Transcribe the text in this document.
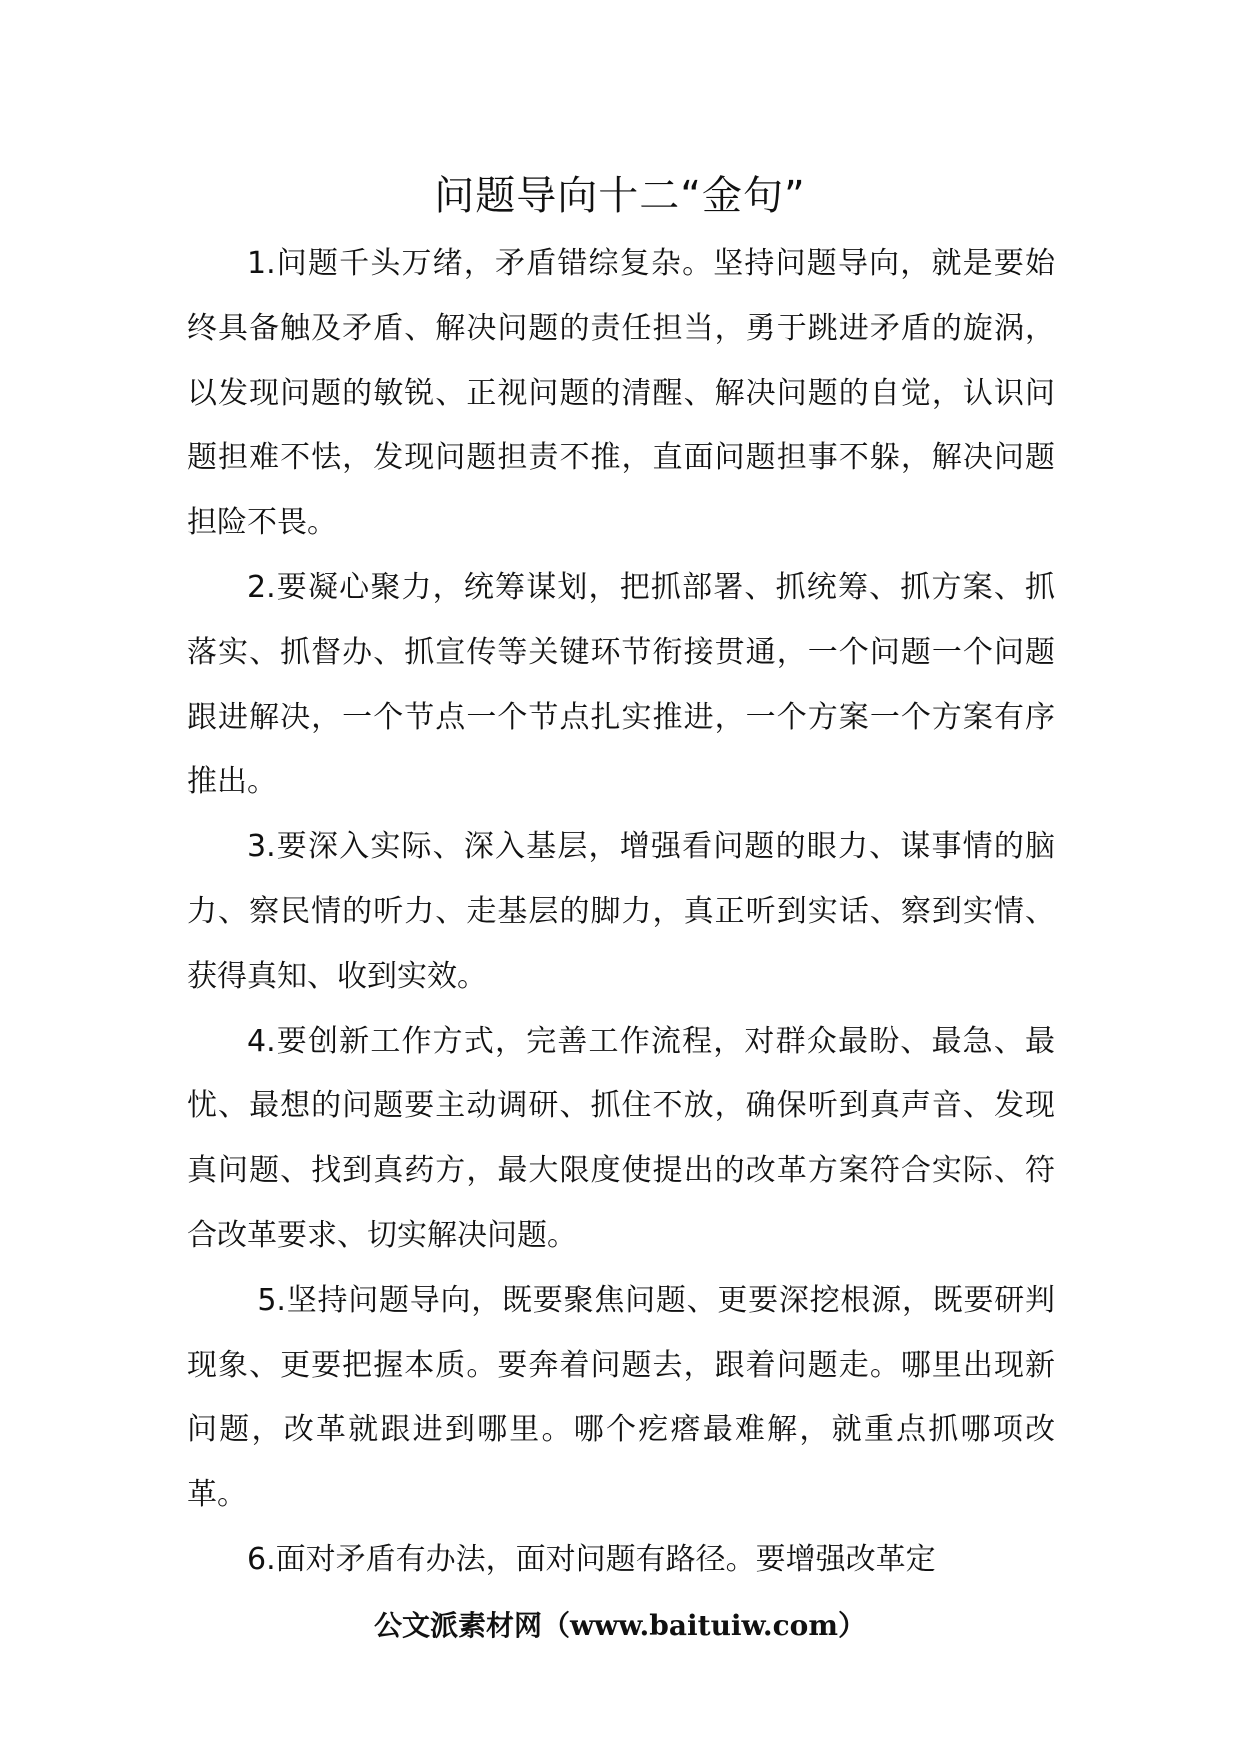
问题导向十二“金句”

1.问题千头万绪，矛盾错综复杂。坚持问题导向，就是要始终具备触及矛盾、解决问题的责任担当，勇于跳进矛盾的旋涡，以发现问题的敏锐、正视问题的清醒、解决问题的自觉，认识问题担难不怯，发现问题担责不推，直面问题担事不躲，解决问题担险不畏。

2.要凝心聚力，统筹谋划，把抓部署、抓统筹、抓方案、抓落实、抓督办、抓宣传等关键环节衔接贯通，一个问题一个问题跟进解决，一个节点一个节点扎实推进，一个方案一个方案有序推出。

3.要深入实际、深入基层，增强看问题的眼力、谋事情的脑力、察民情的听力、走基层的脚力，真正听到实话、察到实情、获得真知、收到实效。

4.要创新工作方式，完善工作流程，对群众最盼、最急、最忧、最想的问题要主动调研、抓住不放，确保听到真声音、发现真问题、找到真药方，最大限度使提出的改革方案符合实际、符合改革要求、切实解决问题。

5.坚持问题导向，既要聚焦问题、更要深挖根源，既要研判现象、更要把握本质。要奔着问题去，跟着问题走。哪里出现新问题，改革就跟进到哪里。哪个疙瘩最难解，就重点抓哪项改革。

6.面对矛盾有办法，面对问题有路径。要增强改革定

公文派素材网（www.baituiw.com）
